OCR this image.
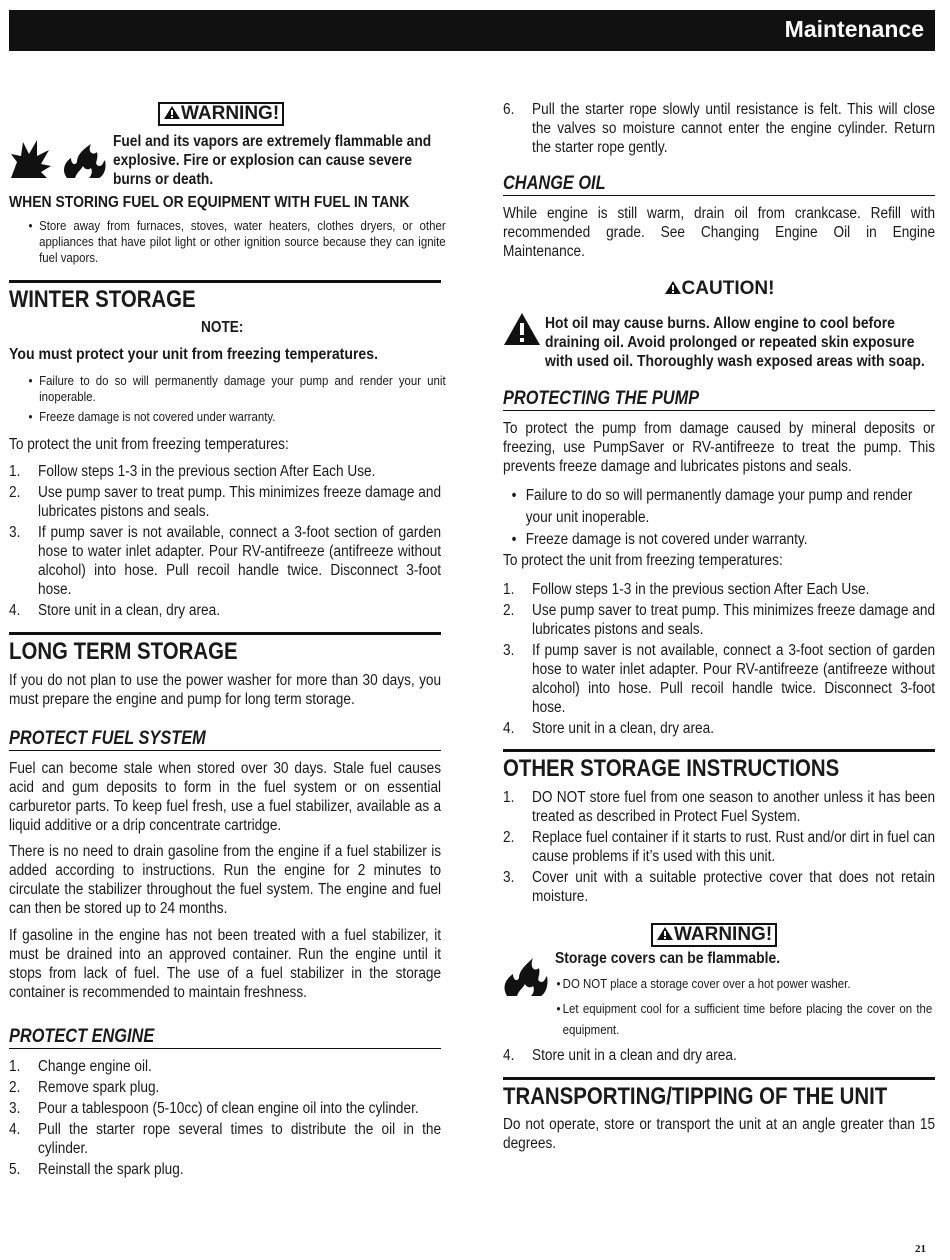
Maintenance
WARNING!
Fuel and its vapors are extremely flammable and explosive. Fire or explosion can cause severe burns or death.
WHEN STORING FUEL OR EQUIPMENT WITH FUEL IN TANK
• Store away from furnaces, stoves, water heaters, clothes dryers, or other appliances that have pilot light or other ignition source because they can ignite fuel vapors.
WINTER STORAGE
NOTE:
You must protect your unit from freezing temperatures.
• Failure to do so will permanently damage your pump and render your unit inoperable.
• Freeze damage is not covered under warranty.
To protect the unit from freezing temperatures:
1. Follow steps 1-3 in the previous section After Each Use.
2. Use pump saver to treat pump. This minimizes freeze damage and lubricates pistons and seals.
3. If pump saver is not available, connect a 3-foot section of garden hose to water inlet adapter. Pour RV-antifreeze (antifreeze without alcohol) into hose. Pull recoil handle twice. Disconnect 3-foot hose.
4. Store unit in a clean, dry area.
LONG TERM STORAGE
If you do not plan to use the power washer for more than 30 days, you must prepare the engine and pump for long term storage.
PROTECT FUEL SYSTEM
Fuel can become stale when stored over 30 days. Stale fuel causes acid and gum deposits to form in the fuel system or on essential carburetor parts. To keep fuel fresh, use a fuel stabilizer, available as a liquid additive or a drip concentrate cartridge.
There is no need to drain gasoline from the engine if a fuel stabilizer is added according to instructions. Run the engine for 2 minutes to circulate the stabilizer throughout the fuel system. The engine and fuel can then be stored up to 24 months.
If gasoline in the engine has not been treated with a fuel stabilizer, it must be drained into an approved container. Run the engine until it stops from lack of fuel. The use of a fuel stabilizer in the storage container is recommended to maintain freshness.
PROTECT ENGINE
1. Change engine oil.
2. Remove spark plug.
3. Pour a tablespoon (5-10cc) of clean engine oil into the cylinder.
4. Pull the starter rope several times to distribute the oil in the cylinder.
5. Reinstall the spark plug.
6. Pull the starter rope slowly until resistance is felt. This will close the valves so moisture cannot enter the engine cylinder. Return the starter rope gently.
CHANGE OIL
While engine is still warm, drain oil from crankcase. Refill with recommended grade. See Changing Engine Oil in Engine Maintenance.
CAUTION!
Hot oil may cause burns. Allow engine to cool before draining oil. Avoid prolonged or repeated skin exposure with used oil. Thoroughly wash exposed areas with soap.
PROTECTING THE PUMP
To protect the pump from damage caused by mineral deposits or freezing, use PumpSaver or RV-antifreeze to treat the pump. This prevents freeze damage and lubricates pistons and seals.
• Failure to do so will permanently damage your pump and render your unit inoperable.
• Freeze damage is not covered under warranty.
To protect the unit from freezing temperatures:
1. Follow steps 1-3 in the previous section After Each Use.
2. Use pump saver to treat pump. This minimizes freeze damage and lubricates pistons and seals.
3. If pump saver is not available, connect a 3-foot section of garden hose to water inlet adapter. Pour RV-antifreeze (antifreeze without alcohol) into hose. Pull recoil handle twice. Disconnect 3-foot hose.
4. Store unit in a clean, dry area.
OTHER STORAGE INSTRUCTIONS
1. DO NOT store fuel from one season to another unless it has been treated as described in Protect Fuel System.
2. Replace fuel container if it starts to rust. Rust and/or dirt in fuel can cause problems if it’s used with this unit.
3. Cover unit with a suitable protective cover that does not retain moisture.
WARNING!
Storage covers can be flammable.
• DO NOT place a storage cover over a hot power washer.
• Let equipment cool for a sufficient time before placing the cover on the equipment.
4. Store unit in a clean and dry area.
TRANSPORTING/TIPPING OF THE UNIT
Do not operate, store or transport the unit at an angle greater than 15 degrees.
21
